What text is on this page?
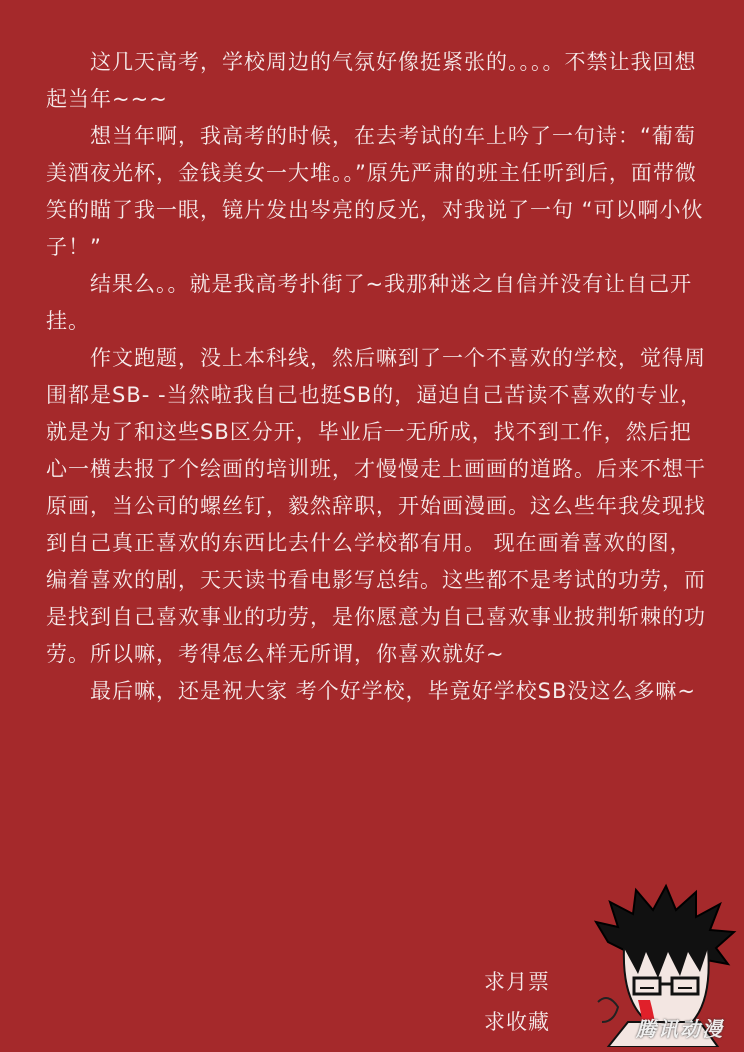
这几天高考，学校周边的气氛好像挺紧张的。。。。不禁让我回想起当年~~~

想当年啊，我高考的时候，在去考试的车上吟了一句诗：“葡萄美酒夜光杯，金钱美女一大堆。。”原先严肃的班主任听到后，面带微笑的瞄了我一眼，镜片发出岑亮的反光，对我说了一句 “可以啊小伙子！”

结果么。。就是我高考扑街了~我那种迷之自信并没有让自己开挂。

作文跑题，没上本科线，然后嘛到了一个不喜欢的学校，觉得周围都是SB- -当然啦我自己也挺SB的，逼迫自己苦读不喜欢的专业，就是为了和这些SB区分开，毕业后一无所成，找不到工作，然后把心一横去报了个绘画的培训班，才慢慢走上画画的道路。后来不想干原画，当公司的螺丝钉，毅然辞职，开始画漫画。这么些年我发现找到自己真正喜欢的东西比去什么学校都有用。 现在画着喜欢的图，编着喜欢的剧，天天读书看电影写总结。这些都不是考试的功劳，而是找到自己喜欢事业的功劳，是你愿意为自己喜欢事业披荆斩棘的功劳。所以嘛，考得怎么样无所谓，你喜欢就好~

最后嘛，还是祝大家 考个好学校，毕竟好学校SB没这么多嘛~

求月票
求收藏	腾讯动漫
